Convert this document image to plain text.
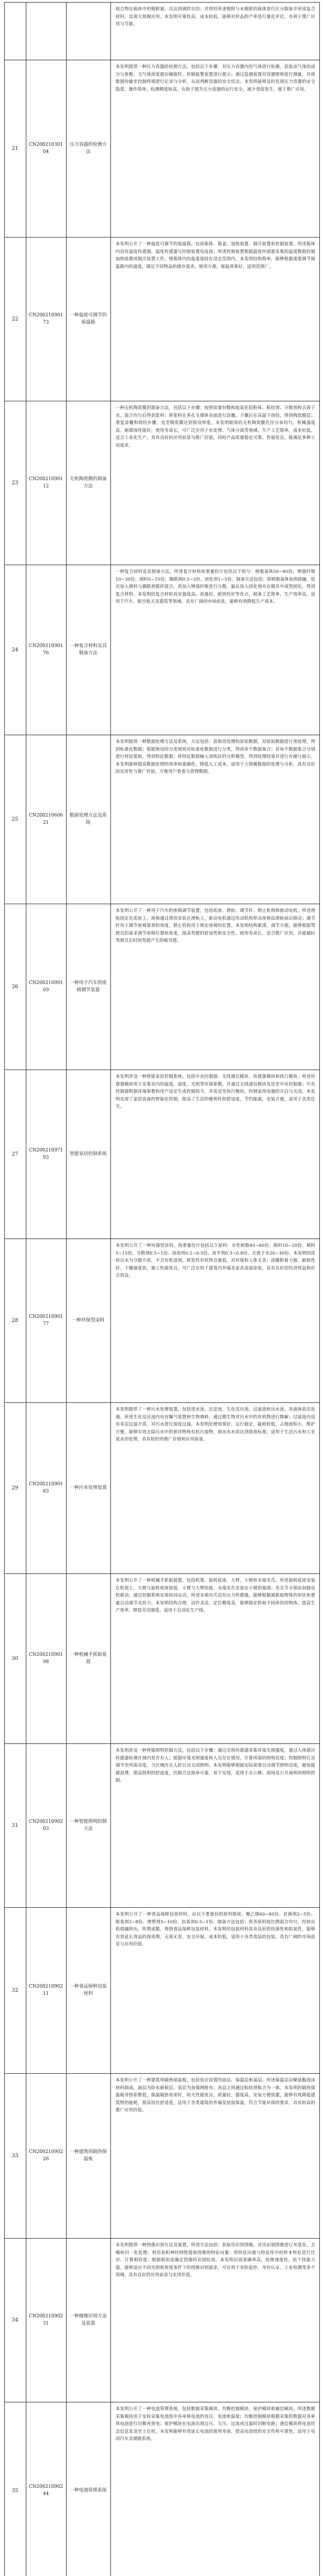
取合物在载体中的吸附量，以达到调控目的；并将经所述吸附与未吸附的载体进行区分制备并形成复合材料，实现大规模应用。本发明可靠性高、成本较低，能够对样品的产率进行量化评估，有利于推广应用与节能。
21
CN20021030104
压力容器的检测方法
本发明提供一种压力容器的检测方法，包括以下步骤：对压力容器内的气体进行检测，获取该气体的成分与参数；当气体浓度超出阈值时，控制报警装置进行提示；通过监测装置对容器壁厚进行测量，并将数据传输至控制终端进行记录与分析，从而判断容器的安全状态。本发明能够及时发现压力容器的安全隐患，操作简单，检测精度较高，有助于提升压力容器的运行安全，减少事故发生，便于推广应用。
22
CN20021090173
一种温度可调节的保温箱
本发明公开了一种温度可调节的保温箱，包括箱体、箱盖、加热装置、制冷装置和控制装置。所述箱体内设有温度传感器，温度传感器与控制装置电连接；所述控制装置根据温度传感器采集的温度数据控制加热装置或制冷装置工作，使箱体内的温度保持在设定范围内。本发明结构简单，能够根据需要调节保温箱内的温度，满足不同物品的储存需求，使用方便，保温效果好，适用范围广。
23
CN20021090112
无机陶瓷膜的制备方法
一种无机陶瓷膜的制备方法，包括以下步骤：按照质量份数称取氧化铝粉体、粘结剂、分散剂和去离子水，混合均匀后得到浆料；将浆料在多孔支撑体表面进行涂覆，干燥后在高温下烧结，得到陶瓷膜层；重复涂覆和烧结步骤，直至陶瓷膜达到预设厚度。本发明制备的无机陶瓷膜孔径分布均匀，机械强度高，耐腐蚀性能好，使用寿命长，可广泛应用于水处理、气体分离等领域，生产工艺简单，成本较低，适合工业化生产，具有良好的应用前景与推广价值，同时产品质量稳定可靠，性能优良，能满足多种工况需求。
24
CN20021090176
一种复合材料及其制备方法
一种复合材料及其制备方法，所述复合材料按重量份计包括以下组分：树脂基体50~80份、增强纤维10~30份、填料5~15份、偶联剂0.5~2份、固化剂1~5份。制备方法包括：将树脂基体加热熔融，依次加入填料与偶联剂搅拌混合，再加入增强纤维进行分散，最后加入固化剂并在模具中成型固化，得到复合材料。本发明的复合材料具有强度高、质量轻、耐热性好等优点，制备工艺简单，生产效率高，适用于汽车、航空航天及建筑等领域，具有广阔的市场前景，能够有效降低生产成本。
25
CN20021060621
数据处理方法及系统
本发明提供一种数据处理方法及系统，方法包括：获取待处理的原始数据，对原始数据进行预处理，得到标准化数据；根据预设的分类规则对标准化数据进行分类，得到多个数据集合；对每个数据集合分别进行特征提取，得到特征数据；将特征数据输入训练好的分析模型，得到处理结果并进行存储与展示。本发明能够提高数据处理的效率和准确性，降低人工成本，适用于大规模数据的处理与分析，具有良好的实用性与推广价值，方便用户查看与管理数据。
26
CN20021090169
一种用于汽车的座椅调节装置
本发明公开了一种用于汽车的座椅调节装置，包括底座、滑轨、调节杆、锁止机构和驱动电机。所述滑轨固定在底座上，座椅通过滑块安装在滑轨上，驱动电机通过传动机构带动座椅沿滑轨前后移动；调节杆用于调节座椅靠背的角度，锁止机构用于锁定座椅的位置。本发明结构紧凑，调节方便，能够根据驾驶员的需求调节座椅位置和角度，提高驾驶的舒适性和安全性，使用寿命长，适合推广应用，并能减轻驾驶员长时间驾驶产生的疲劳感。
27
CN20021097193
智能家居控制系统
本发明涉及一种智能家居控制系统，包括中央控制器、无线通信模块、传感器模块和执行模块。所述传感器模块用于采集室内的温度、湿度、光照等环境参数，并通过无线通信模块发送至中央控制器；中央控制器根据环境参数和用户设定生成控制指令，并发送至执行模块，控制家用电器的开启与关闭。本发明实现了家居设备的智能化控制，提高了生活的便利性和舒适度，节约能源，安装方便，适用于各类住宅。
28
CN20021090177
一种环保型涂料
本发明公开了一种环保型涂料，按重量份计包括以下原料：水性树脂40~60份、颜料10~20份、填料5~15份、分散剂0.5~1份、消泡剂0.2~0.5份、流平剂0.3~0.8份、去离子水20~30份。本发明的涂料以水为分散介质，不含有机溶剂，挥发性有机物含量低，对环境和人体无害；涂膜附着力强、耐候性好、干燥速度快，施工性能优良，可广泛应用于建筑内外墙及家具表面涂装，具有良好的经济效益和社会效益。
29
CN20021090183
一种污水处理装置
本发明提供了一种污水处理装置，包括进水池、沉淀池、生化反应池、过滤池和出水池，各池体依次连通。所述生化反应池内设有曝气装置和生物填料，通过微生物对污水中的有机物进行降解；过滤池内设有多层过滤介质，对污水进行深度过滤。本发明处理效果好，运行稳定，能耗较低，占地面积小，维护方便，能够有效去除污水中的悬浮物和有机污染物，使出水水质达到排放标准，适用于生活污水和工业废水的处理，具有较好的推广价值和应用前景。
30
CN20021090198
一种机械手抓取装置
本发明公开了一种机械手抓取装置，包括机架、旋转底座、大臂、小臂和末端夹爪。所述旋转底座安装在机架上，大臂与旋转底座铰接，小臂与大臂铰接，末端夹爪安装在小臂的端部；各关节分别由伺服电机驱动，通过控制系统实现协同运动。所述末端夹爪设有压力传感器，能够根据被抓取物体的形状和重量自动调节夹持力。本发明结构合理，动作灵活，定位精度高，能够稳定抓取不同形状的物体，提高生产效率，降低劳动强度，适用于自动化生产线。
31
CN20021090203
一种智能照明控制方法
本发明涉及一种智能照明控制方法，包括以下步骤：通过光照传感器采集环境光照强度，通过人体感应传感器检测区域内是否有人；根据环境光照强度和人员存在情况，计算所需的照明亮度；控制照明灯具调节至所需亮度，当区域内无人时自动关闭照明。本发明能够根据实际需要自动调节照明亮度，避免能源浪费，提高照明的舒适度，控制方法简单可靠，易于实现，适用于办公楼、商场及公共场所的照明控制。
32
CN20021090211
一种食品保鲜包装材料
本发明公开了一种食品保鲜包装材料，由以下重量份的原料制成：聚乙烯60~80份、抗菌剂2~5份、吸氧剂3~8份、增塑剂5~10份、抗氧剂0.5~1份。制备方法包括：将各原料按比例混合均匀，经挤出机熔融挤出，吹塑成膜，得到食品保鲜包装材料。本发明的包装材料具有良好的抗菌性和阻氧性，能够有效延长食品的保质期，无毒无害，安全环保，成本较低，适用于各类食品的包装，具有广阔的市场前景与应用价值。
33
CN20021090226
一种建筑用隔热保温板
本发明公开了一种建筑用隔热保温板，包括依次设置的面层、保温层和基层。所述保温层由聚氨酯泡沫材料制成，面层为防水耐候层，基层为加强网格布；各层之间通过粘结剂粘合为一体。本发明的隔热保温板导热系数低，保温隔热效果好，防火性能优良，质量轻，强度高，安装方便快捷，能够有效降低建筑物的能耗，提高居住舒适度，适用于各类建筑的外墙及屋面保温，符合节能环保的要求，具有较高的推广应用价值。
34
CN20021090231
一种图像识别方法及装置
本发明提供一种图像识别方法及装置，所述方法包括：获取待识别图像，对待识别图像进行灰度化、去噪和归一化处理；利用卷积神经网络提取图像的特征向量；将特征向量与特征库中的样本特征进行比对，计算相似度；根据相似度确定图像的识别结果。本发明识别准确率高，处理速度快，抗干扰能力强，能够适应不同光照和角度条件下的图像识别需求，可应用于安防监控、身份认证、工业检测等多个领域，具有良好的应用前景与实用价值。
35
CN20021090244
一种电池管理系统
本发明公开了一种电池管理系统，包括数据采集模块、均衡控制模块、保护模块和通信模块。所述数据采集模块用于实时采集电池组中各单体电池的电压、电流和温度；均衡控制模块根据采集的数据对各单体电池进行均衡充放电；保护模块在电池出现过压、欠压、过流或过温时切断电路；通信模块将电池状态信息发送至上位机。本发明能够有效延长电池的使用寿命，提高电池组的安全性和可靠性，适用于电动汽车及储能系统。
